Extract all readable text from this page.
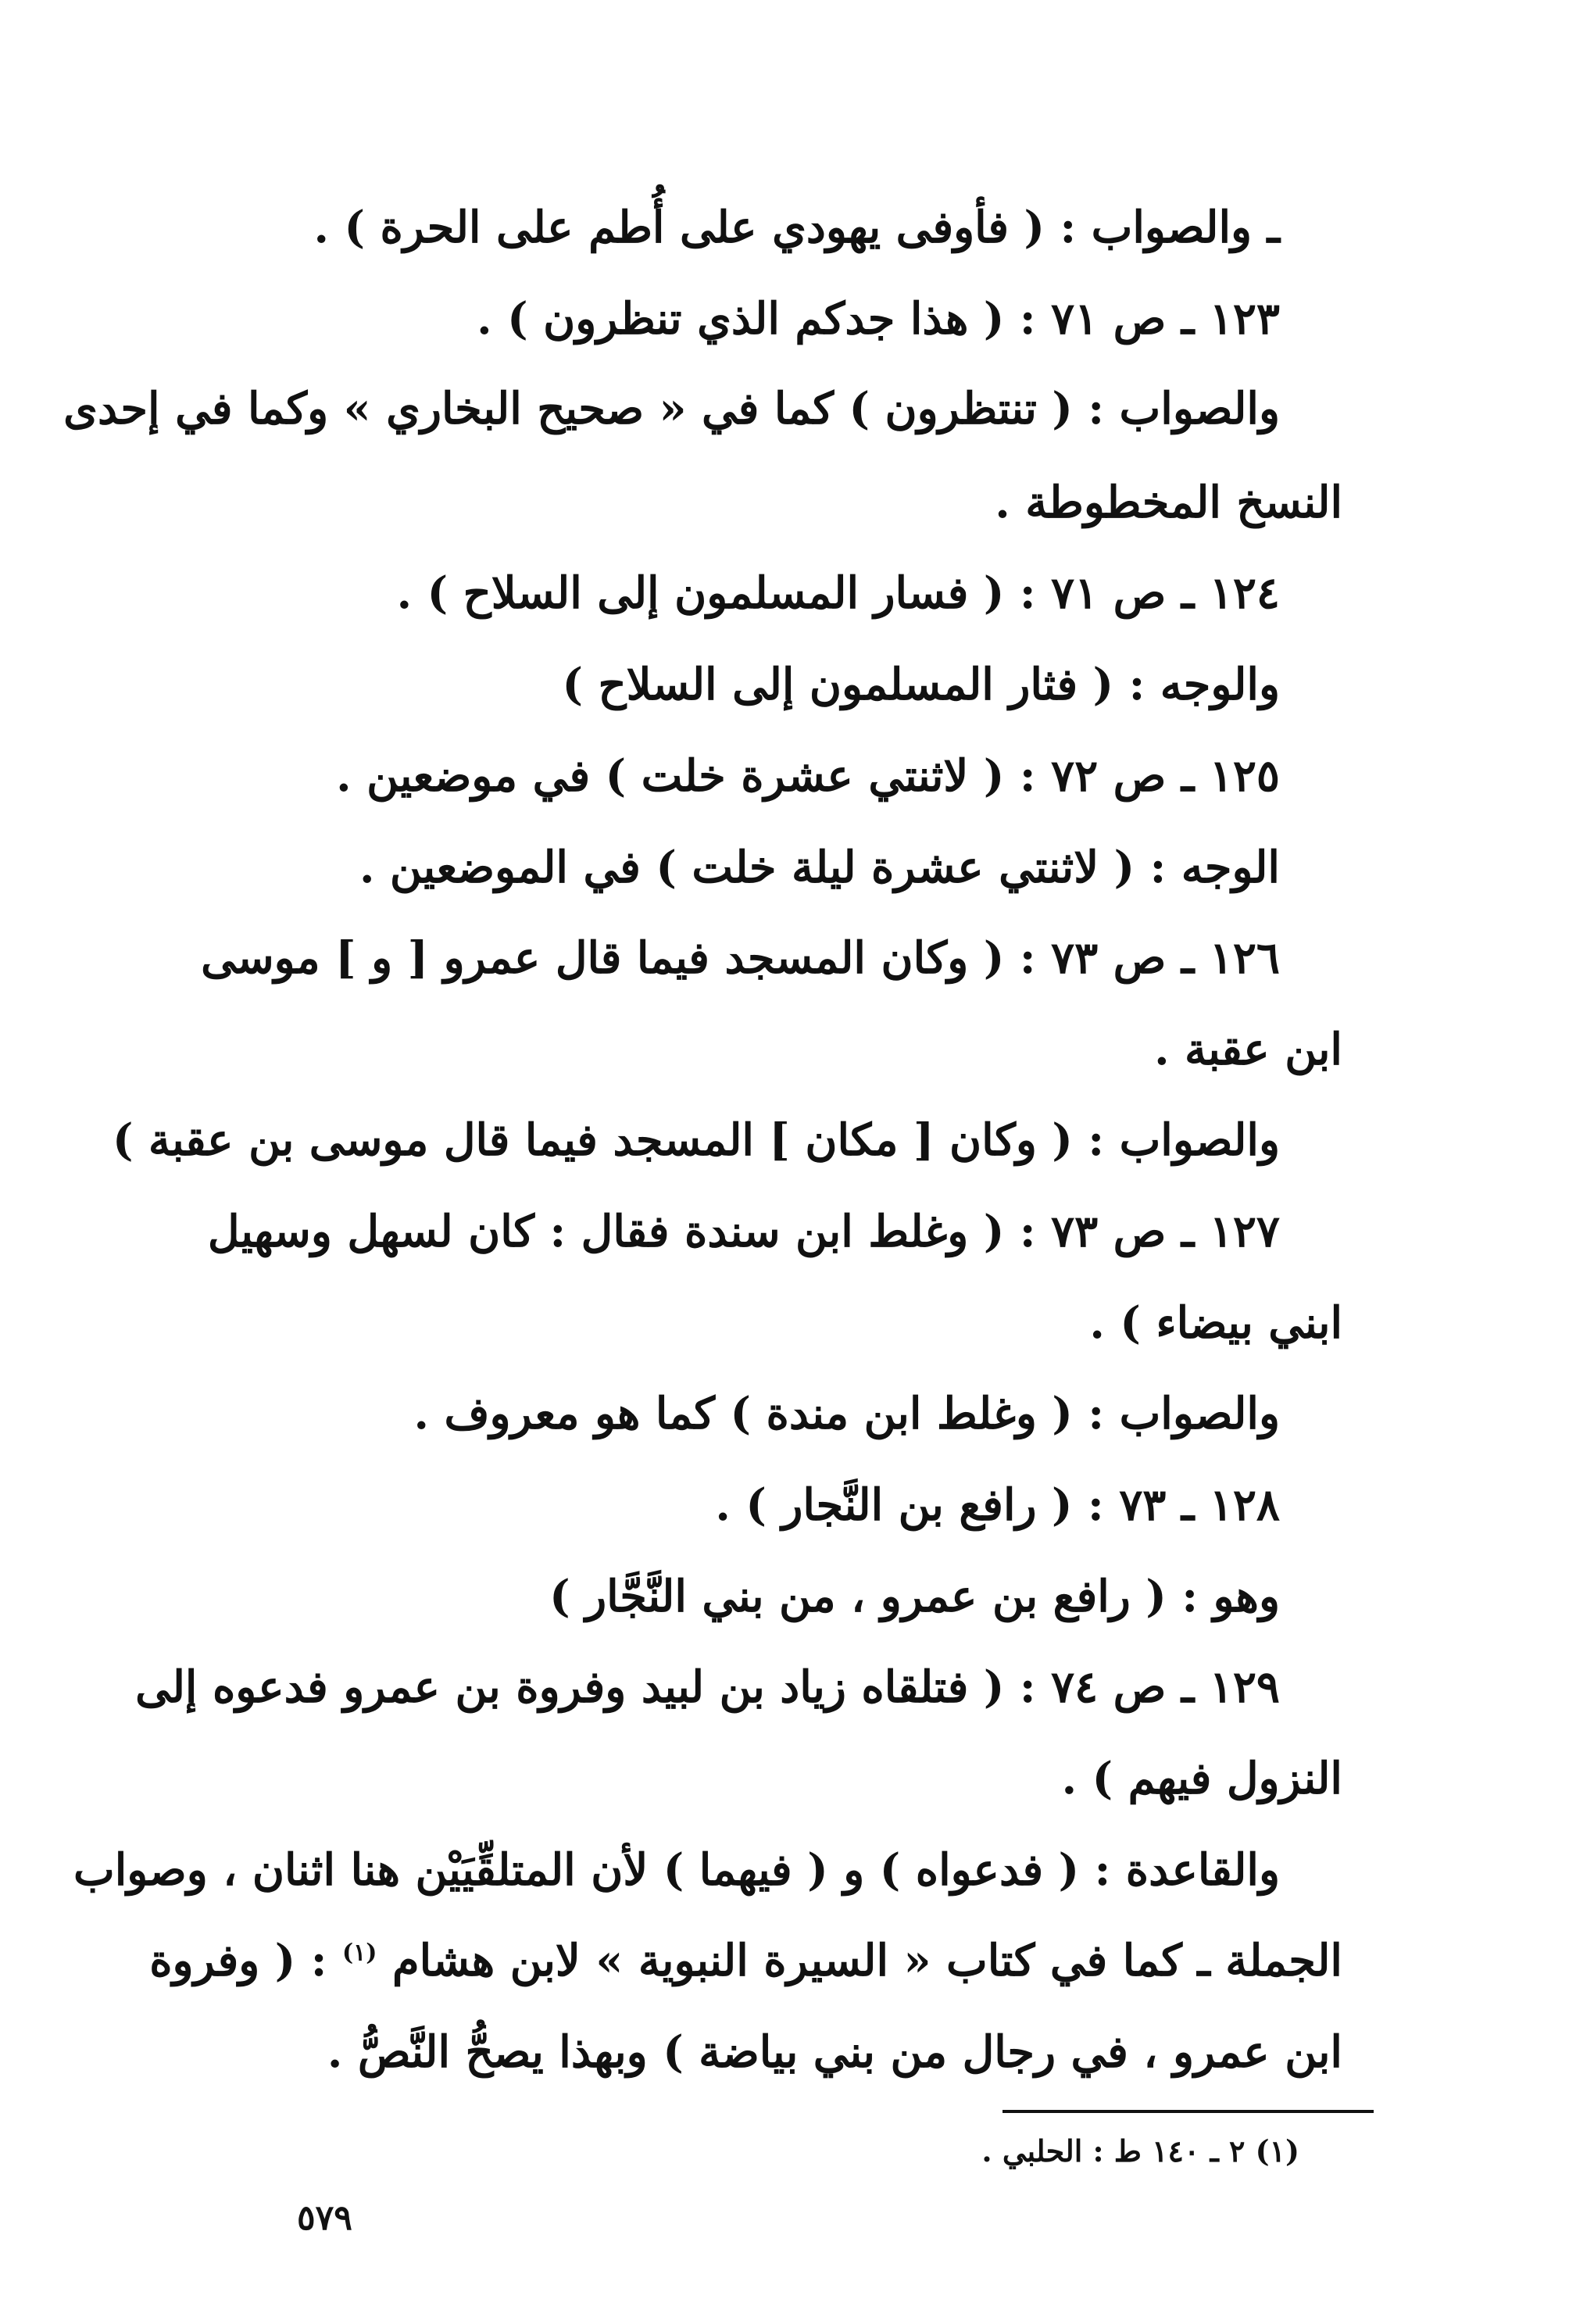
ـ والصواب : ( فأوفى يهودي على أُطم على الحرة ) .
١٢٣ ـ ص ٧١ : ( هذا جدكم الذي تنظرون ) .
والصواب : ( تنتظرون ) كما في « صحيح البخاري » وكما في إحدى
النسخ المخطوطة .
١٢٤ ـ ص ٧١ : ( فسار المسلمون إلى السلاح ) .
والوجه : ( فثار المسلمون إلى السلاح )
١٢٥ ـ ص ٧٢ : ( لاثنتي عشرة خلت ) في موضعين .
الوجه : ( لاثنتي عشرة ليلة خلت ) في الموضعين .
١٢٦ ـ ص ٧٣ : ( وكان المسجد فيما قال عمرو [ و ] موسى
ابن عقبة .
والصواب : ( وكان [ مكان ] المسجد فيما قال موسى بن عقبة )
١٢٧ ـ ص ٧٣ : ( وغلط ابن سندة فقال : كان لسهل وسهيل
ابني بيضاء ) .
والصواب : ( وغلط ابن مندة ) كما هو معروف .
١٢٨ ـ ٧٣ : ( رافع بن النَّجار ) .
وهو : ( رافع بن عمرو ، من بني النَّجَّار )
١٢٩ ـ ص ٧٤ : ( فتلقاه زياد بن لبيد وفروة بن عمرو فدعوه إلى
النزول فيهم ) .
والقاعدة : ( فدعواه ) و ( فيهما ) لأن المتلقِّيَيْن هنا اثنان ، وصواب
الجملة ـ كما في كتاب « السيرة النبوية » لابن هشام $^{(١)}$ : ( وفروة
ابن عمرو ، في رجال من بني بياضة ) وبهذا يصحُّ النَّصُّ .
(١) ٢ ـ ١٤٠ ط : الحلبي .
٥٧٩
